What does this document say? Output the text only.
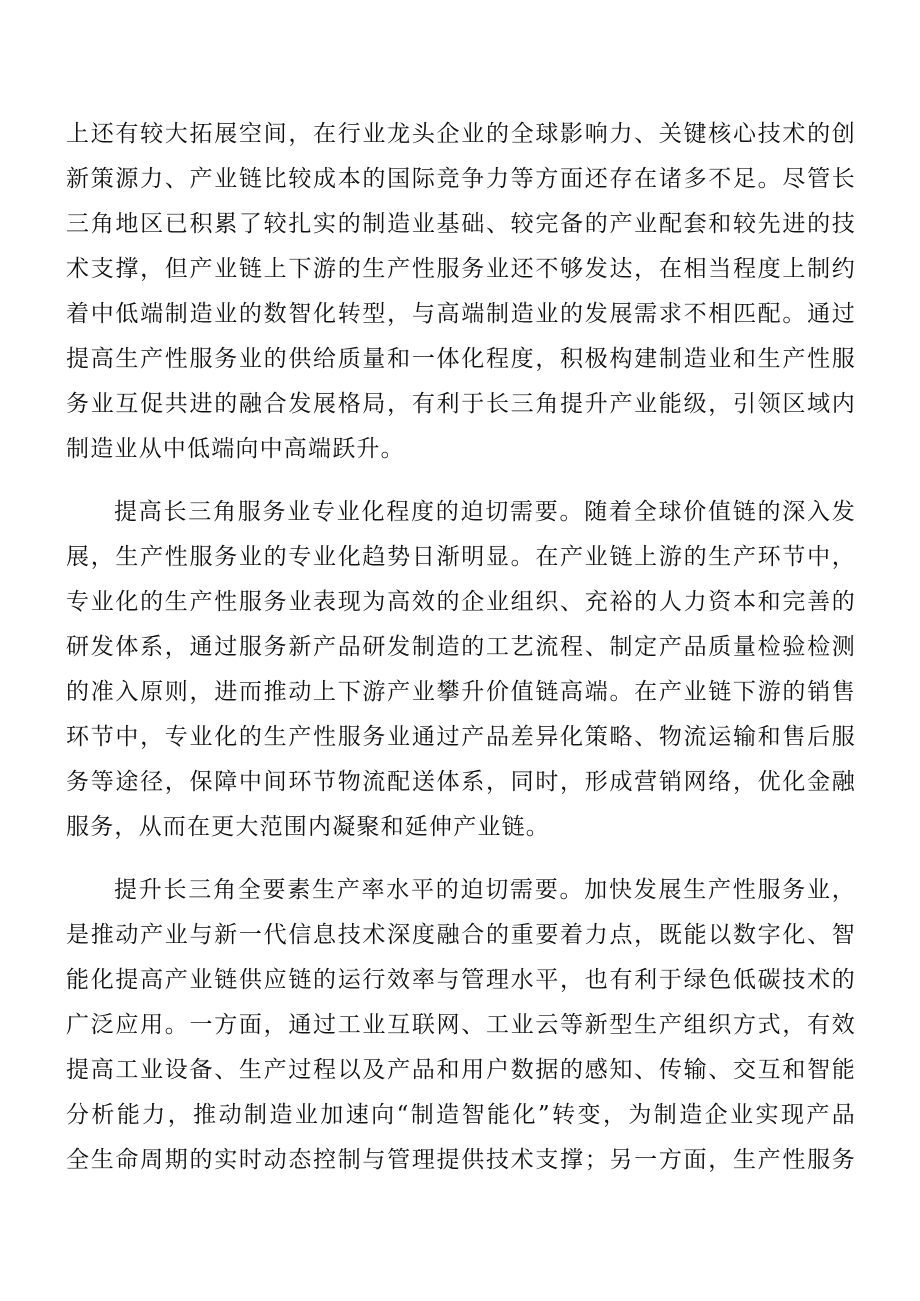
上还有较大拓展空间，在行业龙头企业的全球影响力、关键核心技术的创
新策源力、产业链比较成本的国际竞争力等方面还存在诸多不足。尽管长
三角地区已积累了较扎实的制造业基础、较完备的产业配套和较先进的技
术支撑，但产业链上下游的生产性服务业还不够发达，在相当程度上制约
着中低端制造业的数智化转型，与高端制造业的发展需求不相匹配。通过
提高生产性服务业的供给质量和一体化程度，积极构建制造业和生产性服
务业互促共进的融合发展格局，有利于长三角提升产业能级，引领区域内
制造业从中低端向中高端跃升。
提高长三角服务业专业化程度的迫切需要。随着全球价值链的深入发
展，生产性服务业的专业化趋势日渐明显。在产业链上游的生产环节中，
专业化的生产性服务业表现为高效的企业组织、充裕的人力资本和完善的
研发体系，通过服务新产品研发制造的工艺流程、制定产品质量检验检测
的准入原则，进而推动上下游产业攀升价值链高端。在产业链下游的销售
环节中，专业化的生产性服务业通过产品差异化策略、物流运输和售后服
务等途径，保障中间环节物流配送体系，同时，形成营销网络，优化金融
服务，从而在更大范围内凝聚和延伸产业链。
提升长三角全要素生产率水平的迫切需要。加快发展生产性服务业，
是推动产业与新一代信息技术深度融合的重要着力点，既能以数字化、智
能化提高产业链供应链的运行效率与管理水平，也有利于绿色低碳技术的
广泛应用。一方面，通过工业互联网、工业云等新型生产组织方式，有效
提高工业设备、生产过程以及产品和用户数据的感知、传输、交互和智能
分析能力，推动制造业加速向“制造智能化”转变，为制造企业实现产品
全生命周期的实时动态控制与管理提供技术支撑；另一方面，生产性服务
